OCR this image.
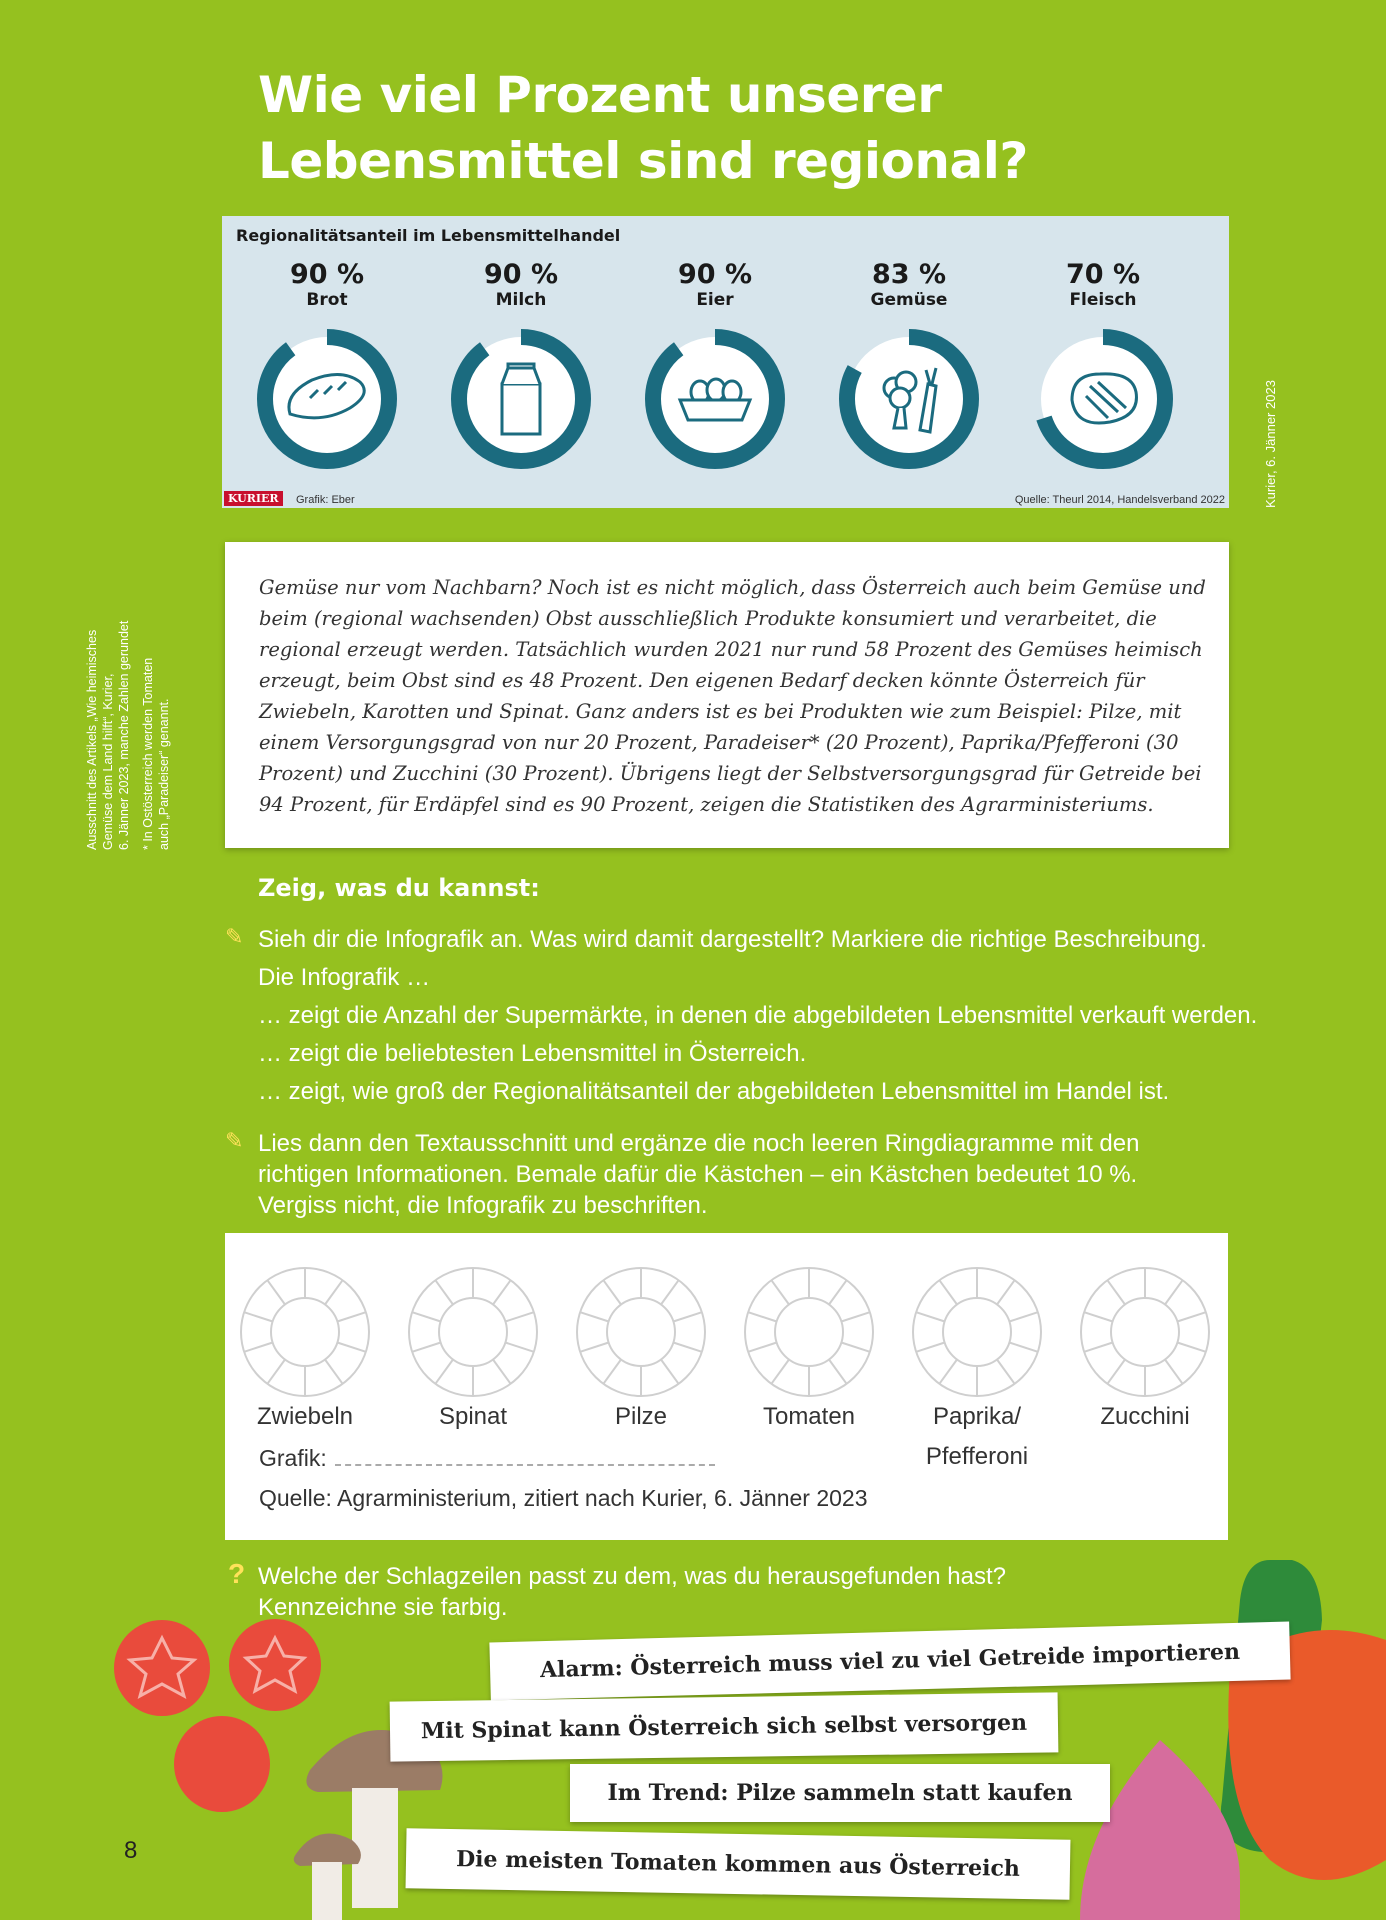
Wie viel Prozent unserer
Lebensmittel sind regional?
Regionalitätsanteil im Lebensmittelhandel
90 %
Brot
90 %
Milch
90 %
Eier
83 %
Gemüse
70 %
Fleisch
KURIER	Grafik: Eber	Quelle: Theurl 2014, Handelsverband 2022	Kurier, 6. Jänner 2023
Ausschnitt des Artikels „Wie heimisches Gemüse dem Land hilft“, Kurier, 6. Jänner 2023, manche Zahlen gerundet * In Ostösterreich werden Tomaten auch „Paradeiser“ genannt.

Gemüse nur vom Nachbarn? Noch ist es nicht möglich, dass Österreich auch beim Gemüse und beim (regional wachsenden) Obst ausschließlich Produkte konsumiert und verarbeitet, die regional erzeugt werden. Tatsächlich wurden 2021 nur rund 58 Prozent des Gemüses heimisch erzeugt, beim Obst sind es 48 Prozent. Den eigenen Bedarf decken könnte Österreich für Zwiebeln, Karotten und Spinat. Ganz anders ist es bei Produkten wie zum Beispiel: Pilze, mit einem Versorgungsgrad von nur 20 Prozent, Paradeiser* (20 Prozent), Paprika/Pfefferoni (30 Prozent) und Zucchini (30 Prozent). Übrigens liegt der Selbstversorgungsgrad für Getreide bei 94 Prozent, für Erdäpfel sind es 90 Prozent, zeigen die Statistiken des Agrarministeriums.

Zeig, was du kannst:
✎ Sieh dir die Infografik an. Was wird damit dargestellt? Markiere die richtige Beschreibung.
Die Infografik …
… zeigt die Anzahl der Supermärkte, in denen die abgebildeten Lebensmittel verkauft werden.
… zeigt die beliebtesten Lebensmittel in Österreich.
… zeigt, wie groß der Regionalitätsanteil der abgebildeten Lebensmittel im Handel ist.
✎ Lies dann den Textausschnitt und ergänze die noch leeren Ringdiagramme mit den
richtigen Informationen. Bemale dafür die Kästchen – ein Kästchen bedeutet 10 %.
Vergiss nicht, die Infografik zu beschriften.
Zwiebeln	Spinat	Pilze	Tomaten	Paprika/
Pfefferoni
Zucchini
Grafik:
Quelle: Agrarministerium, zitiert nach Kurier, 6. Jänner 2023
? Welche der Schlagzeilen passt zu dem, was du herausgefunden hast?
Kennzeichne sie farbig.
Alarm: Österreich muss viel zu viel Getreide importieren
Mit Spinat kann Österreich sich selbst versorgen
Im Trend: Pilze sammeln statt kaufen
Die meisten Tomaten kommen aus Österreich
8
